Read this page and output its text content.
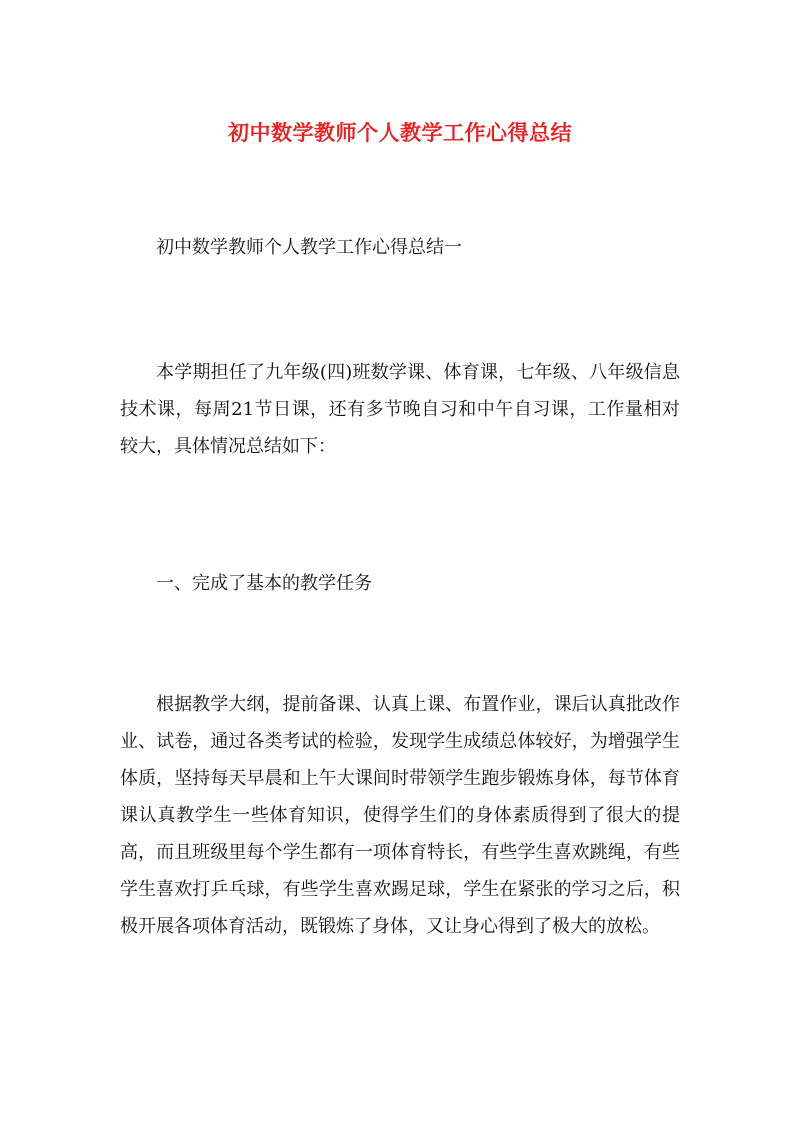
初中数学教师个人教学工作心得总结

初中数学教师个人教学工作心得总结一

本学期担任了九年级(四)班数学课、体育课，七年级、八年级信息技术课，每周21节日课，还有多节晚自习和中午自习课，工作量相对较大，具体情况总结如下：

一、完成了基本的教学任务

根据教学大纲，提前备课、认真上课、布置作业，课后认真批改作业、试卷，通过各类考试的检验，发现学生成绩总体较好，为增强学生体质，坚持每天早晨和上午大课间时带领学生跑步锻炼身体，每节体育课认真教学生一些体育知识，使得学生们的身体素质得到了很大的提高，而且班级里每个学生都有一项体育特长，有些学生喜欢跳绳，有些学生喜欢打乒乓球，有些学生喜欢踢足球，学生在紧张的学习之后，积极开展各项体育活动，既锻炼了身体，又让身心得到了极大的放松。
